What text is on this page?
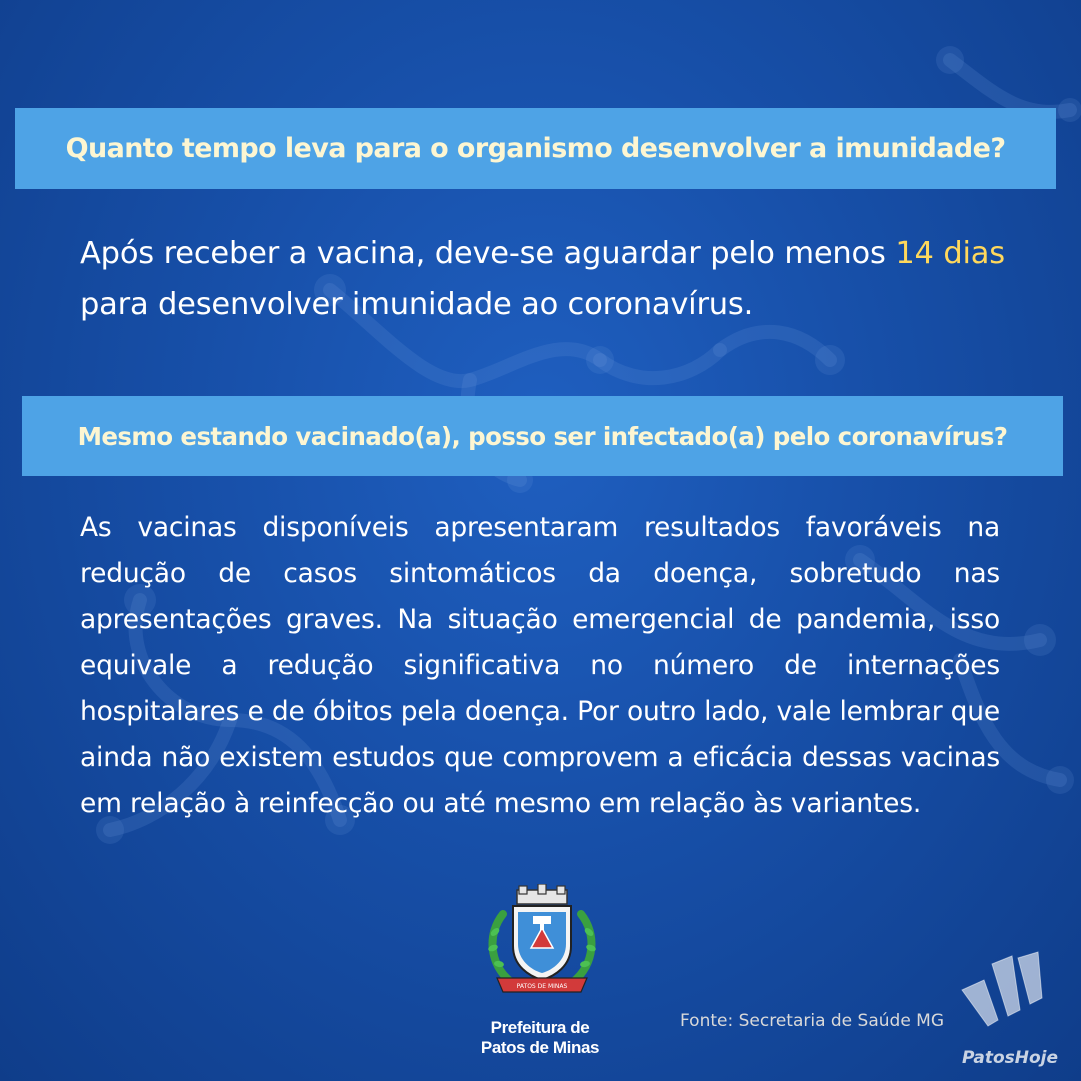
Quanto tempo leva para o organismo desenvolver a imunidade?
Após receber a vacina, deve-se aguardar pelo menos 14 dias para desenvolver imunidade ao coronavírus.
Mesmo estando vacinado(a), posso ser infectado(a) pelo coronavírus?
As vacinas disponíveis apresentaram resultados favoráveis na redução de casos sintomáticos da doença, sobretudo nas apresentações graves. Na situação emergencial de pandemia, isso equivale a redução significativa no número de internações hospitalares e de óbitos pela doença. Por outro lado, vale lembrar que ainda não existem estudos que comprovem a eficácia dessas vacinas em relação à reinfecção ou até mesmo em relação às variantes.
PATOS DE MINAS
Prefeitura de
Patos de Minas
Fonte: Secretaria de Saúde MG
PatosHoje
